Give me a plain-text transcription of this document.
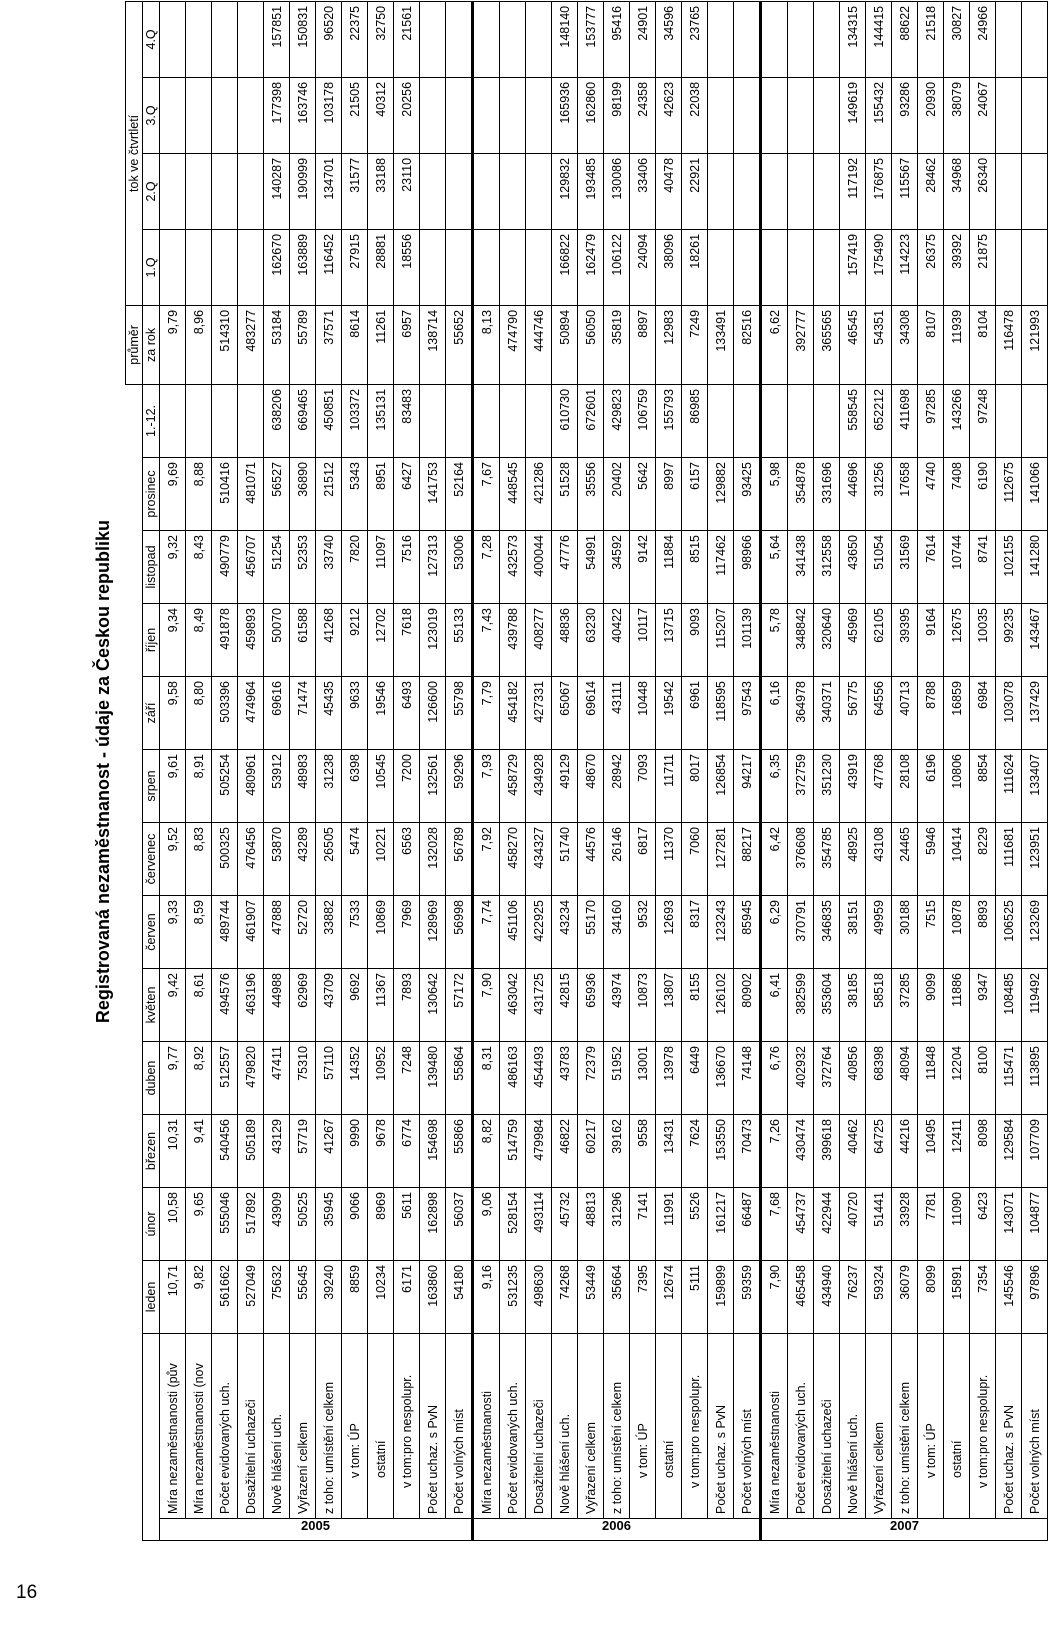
16
Registrovaná nezaměstnanost - údaje za Českou republiku
															průměr	tok ve čtvrtletí			
		leden	únor	březen	duben	květen	červen	červenec	srpen	září	říjen	listopad	prosinec	1.-12.	za rok	1.Q	2.Q	3.Q	4.Q
2005	Míra nezaměstnanosti (pův	10,71	10,58	10,31	9,77	9,42	9,33	9,52	9,61	9,58	9,34	9,32	9,69		9,79				
	Míra nezaměstnanosti (nov	9,82	9,65	9,41	8,92	8,61	8,59	8,83	8,91	8,80	8,49	8,43	8,88		8,96				
	Počet evidovaných uch.	561662	555046	540456	512557	494576	489744	500325	505254	503396	491878	490779	510416		514310				
	Dosažitelní uchazeči	527049	517892	505189	479820	463196	461907	476456	480961	474964	459893	456707	481071		483277				
	Nově hlášení uch.	75632	43909	43129	47411	44988	47888	53870	53912	69616	50070	51254	56527	638206	53184	162670	140287	177398	157851
	Vyřazení celkem	55645	50525	57719	75310	62969	52720	43289	48983	71474	61588	52353	36890	669465	55789	163889	190999	163746	150831
	z toho: umístění celkem	39240	35945	41267	57110	43709	33882	26505	31238	45435	41268	33740	21512	450851	37571	116452	134701	103178	96520
	v tom: ÚP	8859	9066	9990	14352	9692	7533	5474	6398	9633	9212	7820	5343	103372	8614	27915	31577	21505	22375
	ostatní	10234	8969	9678	10952	11367	10869	10221	10545	19546	12702	11097	8951	135131	11261	28881	33188	40312	32750
	v tom:pro nespolupr.	6171	5611	6774	7248	7893	7969	6563	7200	6493	7618	7516	6427	83483	6957	18556	23110	20256	21561
	Počet uchaz. s PvN	163860	162898	154698	139480	130642	128969	132028	132561	126600	123019	127313	141753		138714				
	Počet volných míst	54180	56037	55866	55864	57172	56998	56789	59296	55798	55133	53006	52164		55652				
2006	Míra nezaměstnanosti	9,16	9,06	8,82	8,31	7,90	7,74	7,92	7,93	7,79	7,43	7,28	7,67		8,13				
	Počet evidovaných uch.	531235	528154	514759	486163	463042	451106	458270	458729	454182	439788	432573	448545		474790				
	Dosažitelní uchazeči	498630	493114	479984	454493	431725	422925	434327	434928	427331	408277	400044	421286		444746				
	Nově hlášení uch.	74268	45732	46822	43783	42815	43234	51740	49129	65067	48836	47776	51528	610730	50894	166822	129832	165936	148140
	Vyřazení celkem	53449	48813	60217	72379	65936	55170	44576	48670	69614	63230	54991	35556	672601	56050	162479	193485	162860	153777
	z toho: umístění celkem	35664	31296	39162	51952	43974	34160	26146	28942	43111	40422	34592	20402	429823	35819	106122	130086	98199	95416
	v tom: ÚP	7395	7141	9558	13001	10873	9532	6817	7093	10448	10117	9142	5642	106759	8897	24094	33406	24358	24901
	ostatní	12674	11991	13431	13978	13807	12693	11370	11711	19542	13715	11884	8997	155793	12983	38096	40478	42623	34596
	v tom:pro nespolupr.	5111	5526	7624	6449	8155	8317	7060	8017	6961	9093	8515	6157	86985	7249	18261	22921	22038	23765
	Počet uchaz. s PvN	159899	161217	153550	136670	126102	123243	127281	126854	118595	115207	117462	129882		133491				
	Počet volných míst	59359	66487	70473	74148	80902	85945	88217	94217	97543	101139	98966	93425		82516				
2007	Míra nezaměstnanosti	7,90	7,68	7,26	6,76	6,41	6,29	6,42	6,35	6,16	5,78	5,64	5,98		6,62				
	Počet evidovaných uch.	465458	454737	430474	402932	382599	370791	376608	372759	364978	348842	341438	354878		392777				
	Dosažitelní uchazeči	434940	422944	399618	372764	353604	346835	354785	351230	340371	320640	312558	331696		365565				
	Nově hlášení uch.	76237	40720	40462	40856	38185	38151	48925	43919	56775	45969	43650	44696	558545	46545	157419	117192	149619	134315
	Vyřazení celkem	59324	51441	64725	68398	58518	49959	43108	47768	64556	62105	51054	31256	652212	54351	175490	176875	155432	144415
	z toho: umístění celkem	36079	33928	44216	48094	37285	30188	24465	28108	40713	39395	31569	17658	411698	34308	114223	115567	93286	88622
	v tom: ÚP	8099	7781	10495	11848	9099	7515	5946	6196	8788	9164	7614	4740	97285	8107	26375	28462	20930	21518
	ostatní	15891	11090	12411	12204	11886	10878	10414	10806	16859	12675	10744	7408	143266	11939	39392	34968	38079	30827
	v tom:pro nespolupr.	7354	6423	8098	8100	9347	8893	8229	8854	6984	10035	8741	6190	97248	8104	21875	26340	24067	24966
	Počet uchaz. s PvN	145546	143071	129584	115471	108485	106525	111681	111624	103078	99235	102155	112675		116478				
	Počet volných míst	97896	104877	107709	113895	119492	123269	123951	133407	137429	143467	141280	141066		121993				
